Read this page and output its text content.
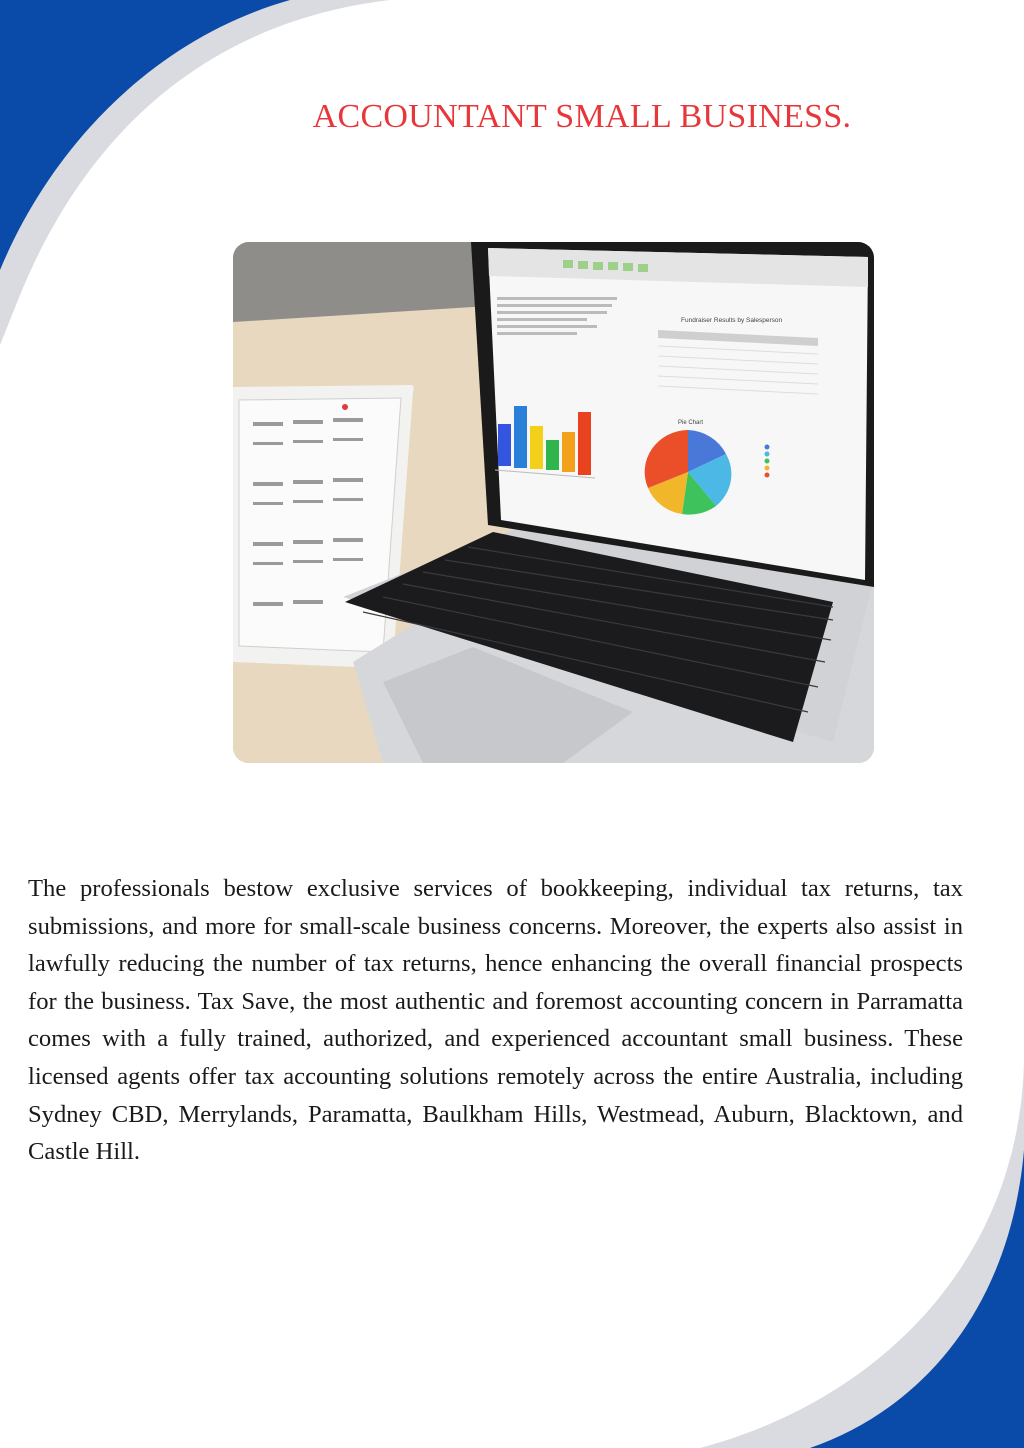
ACCOUNTANT SMALL BUSINESS.
Fundraiser Results by Salesperson
Pie Chart

The professionals bestow exclusive services of bookkeeping, individual tax returns, tax submissions, and more for small-scale business concerns. Moreover, the experts also assist in lawfully reducing the number of tax returns, hence enhancing the overall financial prospects for the business. Tax Save, the most authentic and foremost accounting concern in Parramatta comes with a fully trained, authorized, and experienced accountant small business. These licensed agents offer tax accounting solutions remotely across the entire Australia, including Sydney CBD, Merrylands, Paramatta, Baulkham Hills, Westmead, Auburn, Blacktown, and Castle Hill.
